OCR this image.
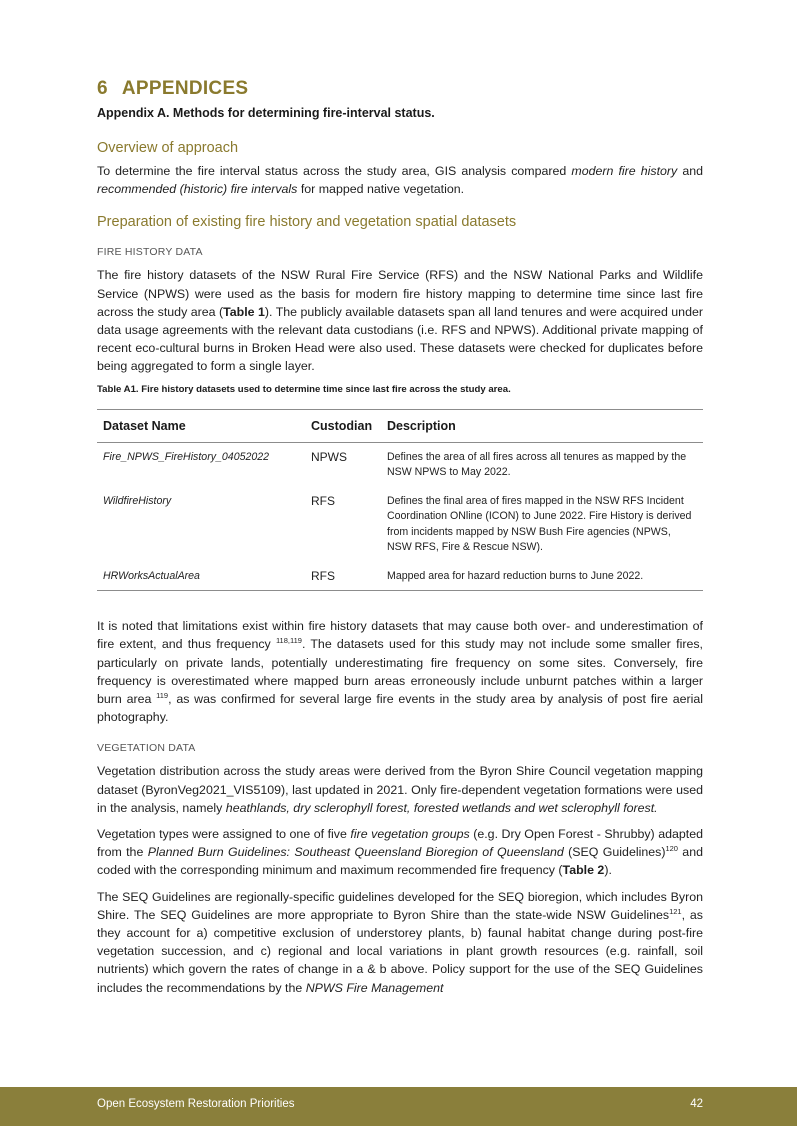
6 APPENDICES
Appendix A. Methods for determining fire-interval status.
Overview of approach

To determine the fire interval status across the study area, GIS analysis compared modern fire history and recommended (historic) fire intervals for mapped native vegetation.

Preparation of existing fire history and vegetation spatial datasets
FIRE HISTORY DATA

The fire history datasets of the NSW Rural Fire Service (RFS) and the NSW National Parks and Wildlife Service (NPWS) were used as the basis for modern fire history mapping to determine time since last fire across the study area (Table 1). The publicly available datasets span all land tenures and were acquired under data usage agreements with the relevant data custodians (i.e. RFS and NPWS). Additional private mapping of recent eco-cultural burns in Broken Head were also used. These datasets were checked for duplicates before being aggregated to form a single layer.

Table A1. Fire history datasets used to determine time since last fire across the study area.
Dataset Name	Custodian	Description
Fire_NPWS_FireHistory_04052022	NPWS	Defines the area of all fires across all tenures as mapped by the NSW NPWS to May 2022.
WildfireHistory	RFS	Defines the final area of fires mapped in the NSW RFS Incident Coordination ONline (ICON) to June 2022. Fire History is derived from incidents mapped by NSW Bush Fire agencies (NPWS, NSW RFS, Fire & Rescue NSW).
HRWorksActualArea	RFS	Mapped area for hazard reduction burns to June 2022.

It is noted that limitations exist within fire history datasets that may cause both over- and underestimation of fire extent, and thus frequency $^{118,119}$. The datasets used for this study may not include some smaller fires, particularly on private lands, potentially underestimating fire frequency on some sites. Conversely, fire frequency is overestimated where mapped burn areas erroneously include unburnt patches within a larger burn area $^{119}$, as was confirmed for several large fire events in the study area by analysis of post fire aerial photography.

VEGETATION DATA

Vegetation distribution across the study areas were derived from the Byron Shire Council vegetation mapping dataset (ByronVeg2021_VIS5109), last updated in 2021. Only fire-dependent vegetation formations were used in the analysis, namely heathlands, dry sclerophyll forest, forested wetlands and wet sclerophyll forest.

Vegetation types were assigned to one of five fire vegetation groups (e.g. Dry Open Forest - Shrubby) adapted from the Planned Burn Guidelines: Southeast Queensland Bioregion of Queensland (SEQ Guidelines)$^{120}$ and coded with the corresponding minimum and maximum recommended fire frequency (Table 2).

The SEQ Guidelines are regionally-specific guidelines developed for the SEQ bioregion, which includes Byron Shire. The SEQ Guidelines are more appropriate to Byron Shire than the state-wide NSW Guidelines$^{121}$, as they account for a) competitive exclusion of understorey plants, b) faunal habitat change during post-fire vegetation succession, and c) regional and local variations in plant growth resources (e.g. rainfall, soil nutrients) which govern the rates of change in a & b above. Policy support for the use of the SEQ Guidelines includes the recommendations by the NPWS Fire Management

Open Ecosystem Restoration Priorities	42
